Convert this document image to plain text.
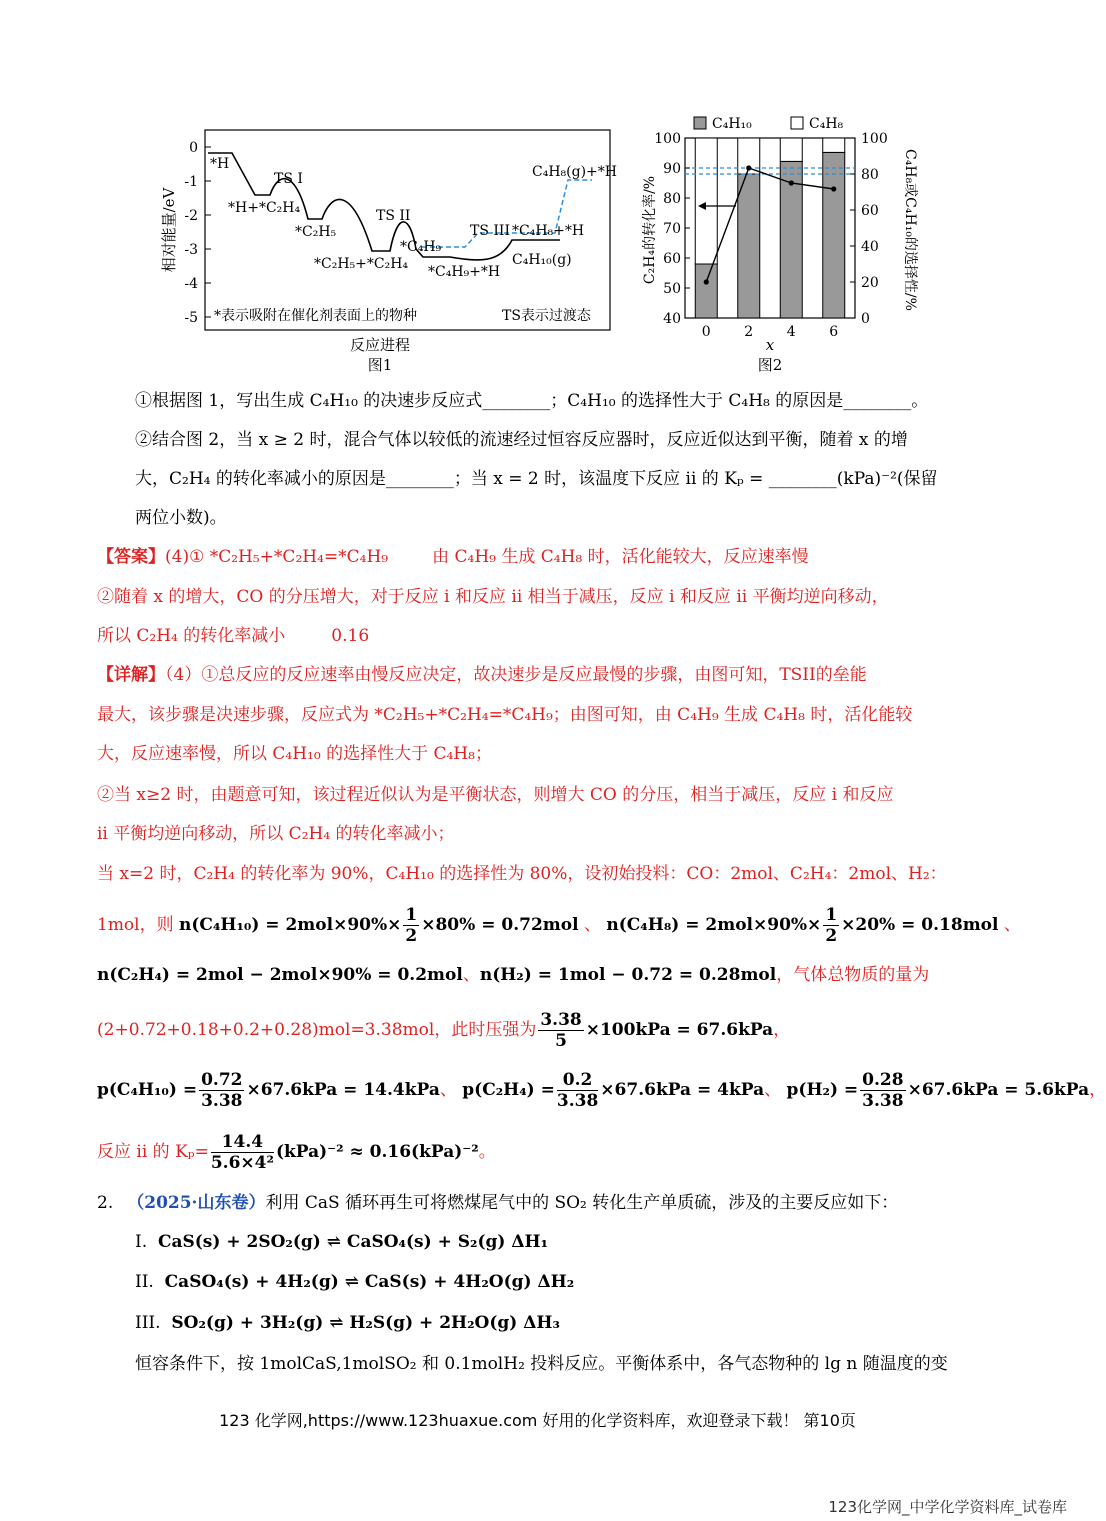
0
-1
-2
-3
-4
-5
相对能量/eV
*H
*H+*C₂H₄
TS I
*C₂H₅
TS II
*C₂H₅+*C₂H₄
*C₄H₉
*C₄H₉+*H
TS III *C₄H₈+*H
C₄H₁₀(g)
C₄H₈(g)+*H
*表示吸附在催化剂表面上的物种	TS表示过渡态
反应进程
图1
C₄H₁₀	C₄H₈
40
50
60
70
80
90
100
0
20
40
60
80
100
0 2 4 6
C₂H₄的转化率/%	C₄H₈或C₄H₁₀的选择性/%
x
图2
①根据图 1，写出生成 C₄H₁₀ 的决速步反应式________；C₄H₁₀ 的选择性大于 C₄H₈ 的原因是________。
②结合图 2，当 x ≥ 2 时，混合气体以较低的流速经过恒容反应器时，反应近似达到平衡，随着 x 的增
大，C₂H₄ 的转化率减小的原因是________；当 x = 2 时，该温度下反应 ii 的 Kₚ = ________(kPa)⁻²(保留
两位小数)。
【答案】(4)① *C₂H₅+*C₂H₄=*C₄H₉	由 C₄H₉ 生成 C₄H₈ 时，活化能较大，反应速率慢
②随着 x 的增大，CO 的分压增大，对于反应 i 和反应 ii 相当于减压，反应 i 和反应 ii 平衡均逆向移动，
所以 C₂H₄ 的转化率减小	0.16
【详解】（4）①总反应的反应速率由慢反应决定，故决速步是反应最慢的步骤，由图可知，TSII的垒能
最大，该步骤是决速步骤，反应式为 *C₂H₅+*C₂H₄=*C₄H₉；由图可知，由 C₄H₉ 生成 C₄H₈ 时，活化能较
大，反应速率慢，所以 C₄H₁₀ 的选择性大于 C₄H₈；
②当 x≥2 时，由题意可知，该过程近似认为是平衡状态，则增大 CO 的分压，相当于减压，反应 i 和反应
ii 平衡均逆向移动，所以 C₂H₄ 的转化率减小；
当 x=2 时，C₂H₄ 的转化率为 90%，C₄H₁₀ 的选择性为 80%，设初始投料：CO：2mol、C₂H₄：2mol、H₂：
1mol，则 $n(C_4H_{10}) = 2mol\times 90\%\times \frac{1}{2} \times 80\% = 0.72mol$ 、 $n(C_4H_8) = 2mol\times 90\%\times \frac{1}{2} \times 20\% = 0.18mol$ 、
n(C₂H₄) = 2mol − 2mol×90% = 0.2mol、n(H₂) = 1mol − 0.72 = 0.28mol，气体总物质的量为
(2+0.72+0.18+0.2+0.28)mol=3.38mol，此时压强为 $\frac{3.38}{5} \times 100kPa = 67.6kPa$，
$p(C_4H_{10}) = \frac{0.72}{3.38} \times 67.6kPa = 14.4kPa$、 $p(C_2H_4) = \frac{0.2}{3.38} \times 67.6kPa = 4kPa$、 $p(H_2) = \frac{0.28}{3.38} \times 67.6kPa = 5.6kPa$，
反应 ii 的 $K_p= \frac{14.4}{\text{5.6×4²}} (kPa)^{-2} \approx 0.16(kPa)^{-2}$。
2. （2025·山东卷）利用 CaS 循环再生可将燃煤尾气中的 SO₂ 转化生产单质硫，涉及的主要反应如下：
I. CaS(s) + 2SO₂(g) ⇌ CaSO₄(s) + S₂(g) ΔH₁
II. CaSO₄(s) + 4H₂(g) ⇌ CaS(s) + 4H₂O(g) ΔH₂
III. SO₂(g) + 3H₂(g) ⇌ H₂S(g) + 2H₂O(g) ΔH₃
恒容条件下，按 1molCaS,1molSO₂ 和 0.1molH₂ 投料反应。平衡体系中，各气态物种的 lg n 随温度的变
123 化学网,https://www.123huaxue.com 好用的化学资料库，欢迎登录下载！ 第10页
123化学网_中学化学资料库_试卷库
